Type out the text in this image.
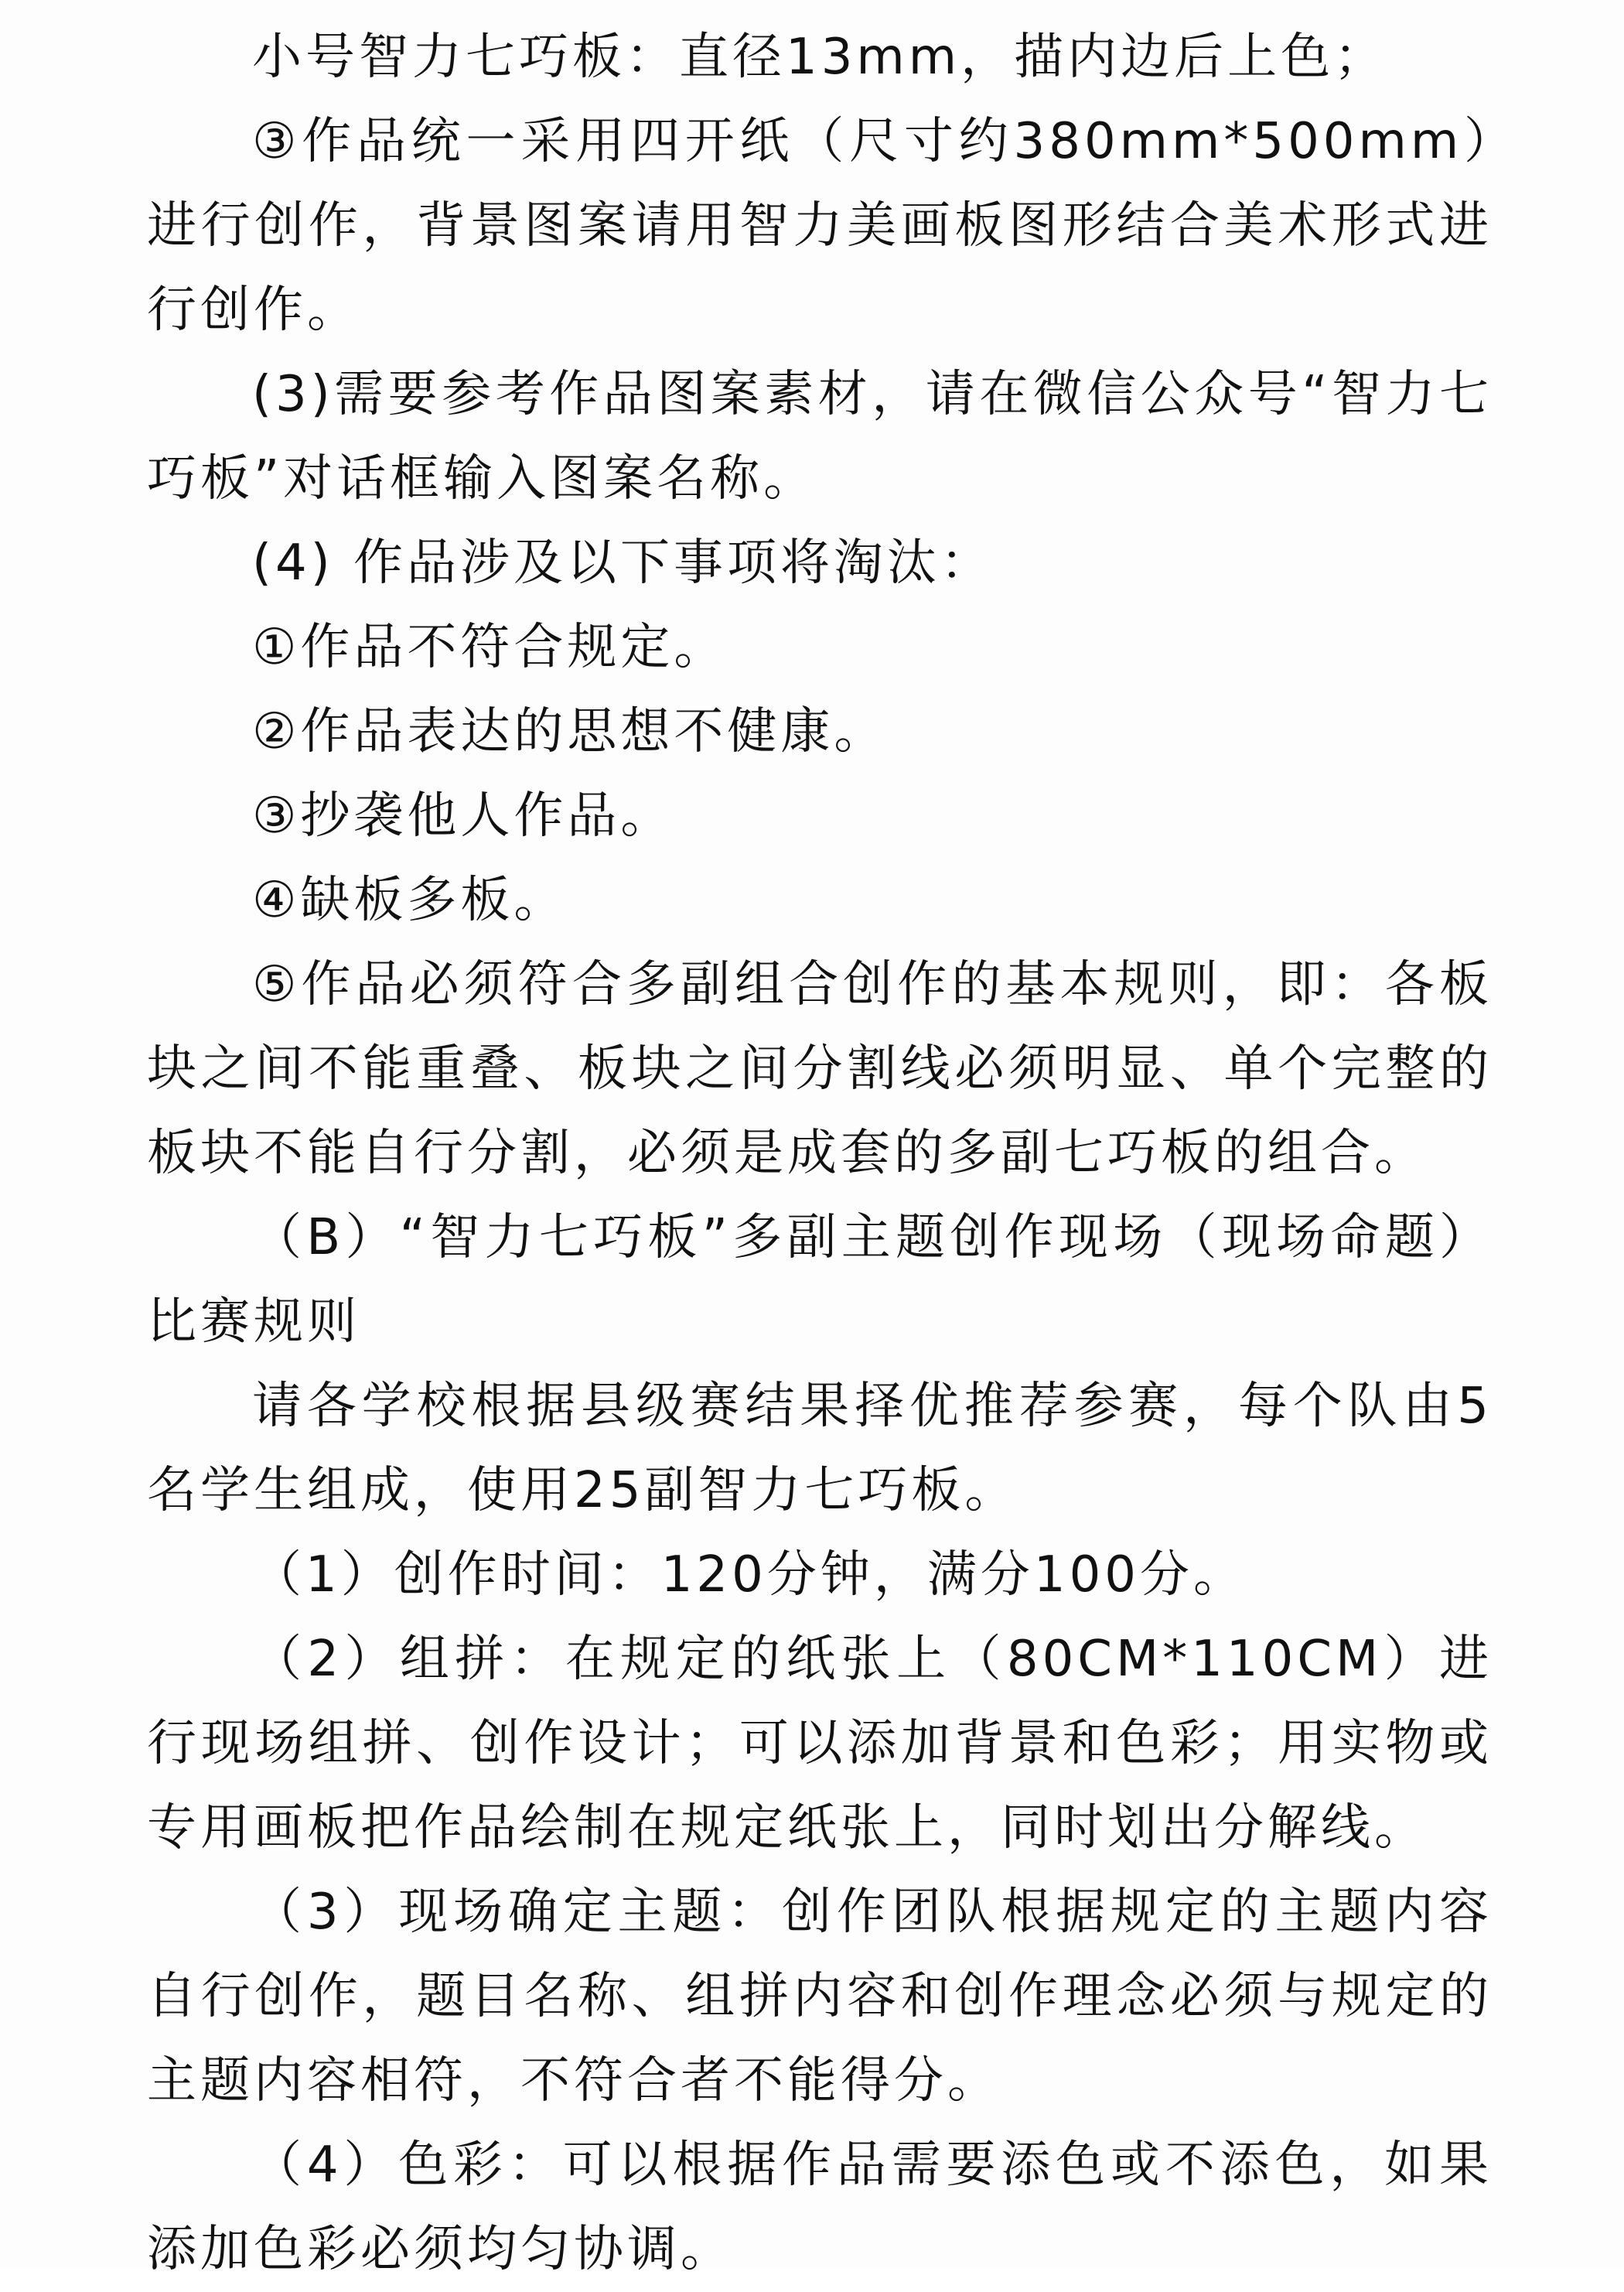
小号智力七巧板：直径13mm，描内边后上色；

③作品统一采用四开纸（尺寸约380mm*500mm）进行创作，背景图案请用智力美画板图形结合美术形式进行创作。

(3)需要参考作品图案素材，请在微信公众号“智力七巧板”对话框输入图案名称。

(4) 作品涉及以下事项将淘汰：

①作品不符合规定。

②作品表达的思想不健康。

③抄袭他人作品。

④缺板多板。

⑤作品必须符合多副组合创作的基本规则，即：各板块之间不能重叠、板块之间分割线必须明显、单个完整的板块不能自行分割，必须是成套的多副七巧板的组合。

（B）“智力七巧板”多副主题创作现场（现场命题）比赛规则

请各学校根据县级赛结果择优推荐参赛，每个队由5名学生组成，使用25副智力七巧板。

（1）创作时间：120分钟，满分100分。

（2）组拼：在规定的纸张上（80CM*110CM）进行现场组拼、创作设计；可以添加背景和色彩；用实物或专用画板把作品绘制在规定纸张上，同时划出分解线。

（3）现场确定主题：创作团队根据规定的主题内容自行创作，题目名称、组拼内容和创作理念必须与规定的主题内容相符，不符合者不能得分。

（4）色彩：可以根据作品需要添色或不添色，如果添加色彩必须均匀协调。
